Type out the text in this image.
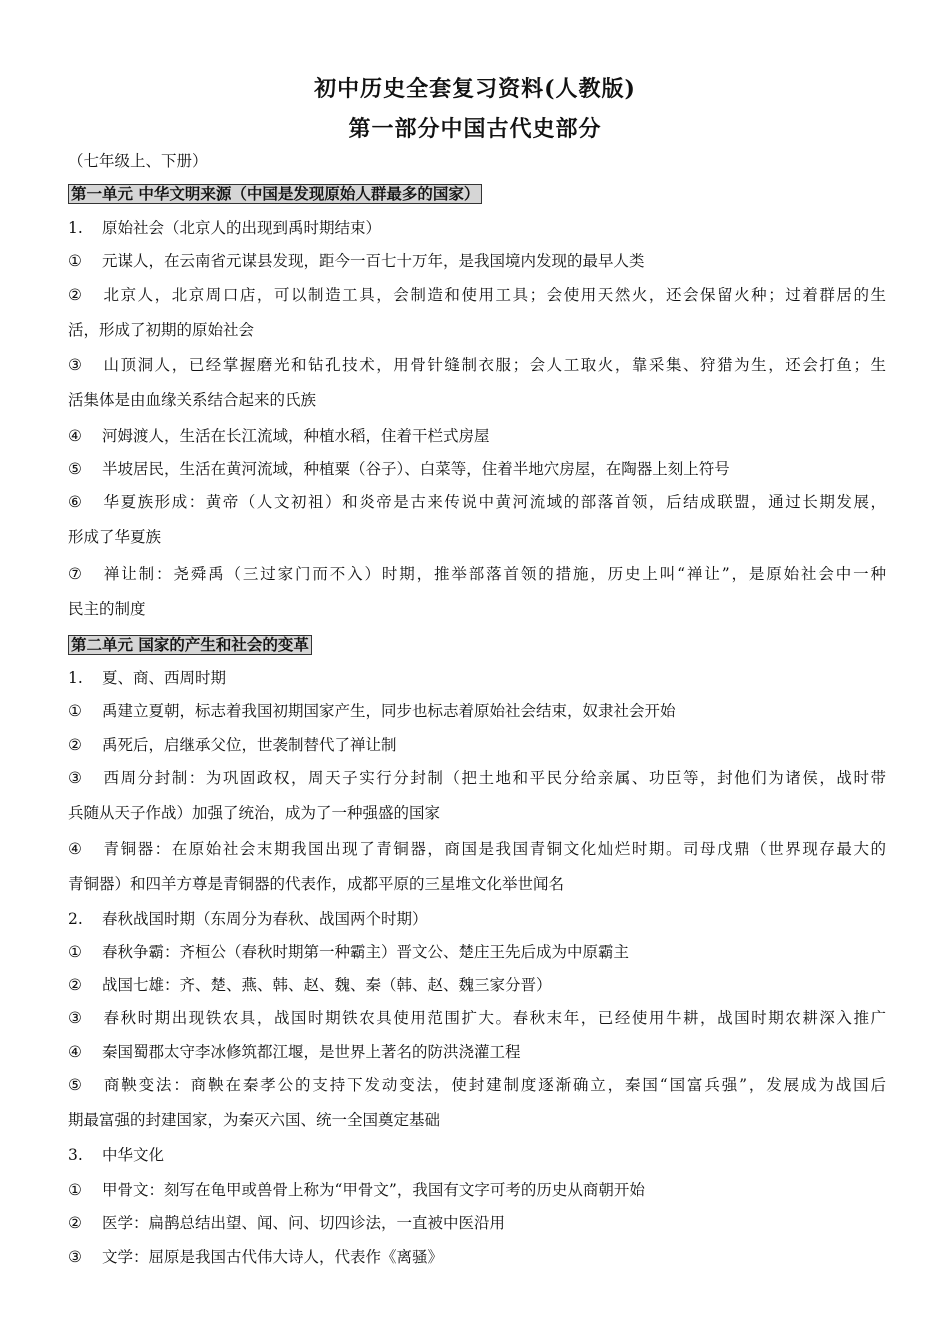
初中历史全套复习资料(人教版)
第一部分中国古代史部分
（七年级上、下册）
第一单元 中华文明来源（中国是发现原始人群最多的国家）
1. 原始社会（北京人的出现到禹时期结束）
① 元谋人，在云南省元谋县发现，距今一百七十万年，是我国境内发现的最早人类
② 北京人，北京周口店，可以制造工具，会制造和使用工具；会使用天然火，还会保留火种；过着群居的生
活，形成了初期的原始社会
③ 山顶洞人，已经掌握磨光和钻孔技术，用骨针缝制衣服；会人工取火，靠采集、狩猎为生，还会打鱼；生
活集体是由血缘关系结合起来的氏族
④ 河姆渡人，生活在长江流域，种植水稻，住着干栏式房屋
⑤ 半坡居民，生活在黄河流域，种植粟（谷子）、白菜等，住着半地穴房屋，在陶器上刻上符号
⑥ 华夏族形成：黄帝（人文初祖）和炎帝是古来传说中黄河流域的部落首领，后结成联盟，通过长期发展，
形成了华夏族
⑦ 禅让制：尧舜禹（三过家门而不入）时期，推举部落首领的措施，历史上叫“禅让”，是原始社会中一种
民主的制度
第二单元 国家的产生和社会的变革
1. 夏、商、西周时期
① 禹建立夏朝，标志着我国初期国家产生，同步也标志着原始社会结束，奴隶社会开始
② 禹死后，启继承父位，世袭制替代了禅让制
③ 西周分封制：为巩固政权，周天子实行分封制（把土地和平民分给亲属、功臣等，封他们为诸侯，战时带
兵随从天子作战）加强了统治，成为了一种强盛的国家
④ 青铜器：在原始社会末期我国出现了青铜器，商国是我国青铜文化灿烂时期。司母戊鼎（世界现存最大的
青铜器）和四羊方尊是青铜器的代表作，成都平原的三星堆文化举世闻名
2. 春秋战国时期（东周分为春秋、战国两个时期）
① 春秋争霸：齐桓公（春秋时期第一种霸主）晋文公、楚庄王先后成为中原霸主
② 战国七雄：齐、楚、燕、韩、赵、魏、秦（韩、赵、魏三家分晋）
③ 春秋时期出现铁农具，战国时期铁农具使用范围扩大。春秋末年，已经使用牛耕，战国时期农耕深入推广
④ 秦国蜀郡太守李冰修筑都江堰，是世界上著名的防洪浇灌工程
⑤ 商鞅变法：商鞅在秦孝公的支持下发动变法，使封建制度逐渐确立，秦国“国富兵强”，发展成为战国后
期最富强的封建国家，为秦灭六国、统一全国奠定基础
3. 中华文化
① 甲骨文：刻写在龟甲或兽骨上称为“甲骨文”，我国有文字可考的历史从商朝开始
② 医学：扁鹊总结出望、闻、问、切四诊法，一直被中医沿用
③ 文学：屈原是我国古代伟大诗人，代表作《离骚》
